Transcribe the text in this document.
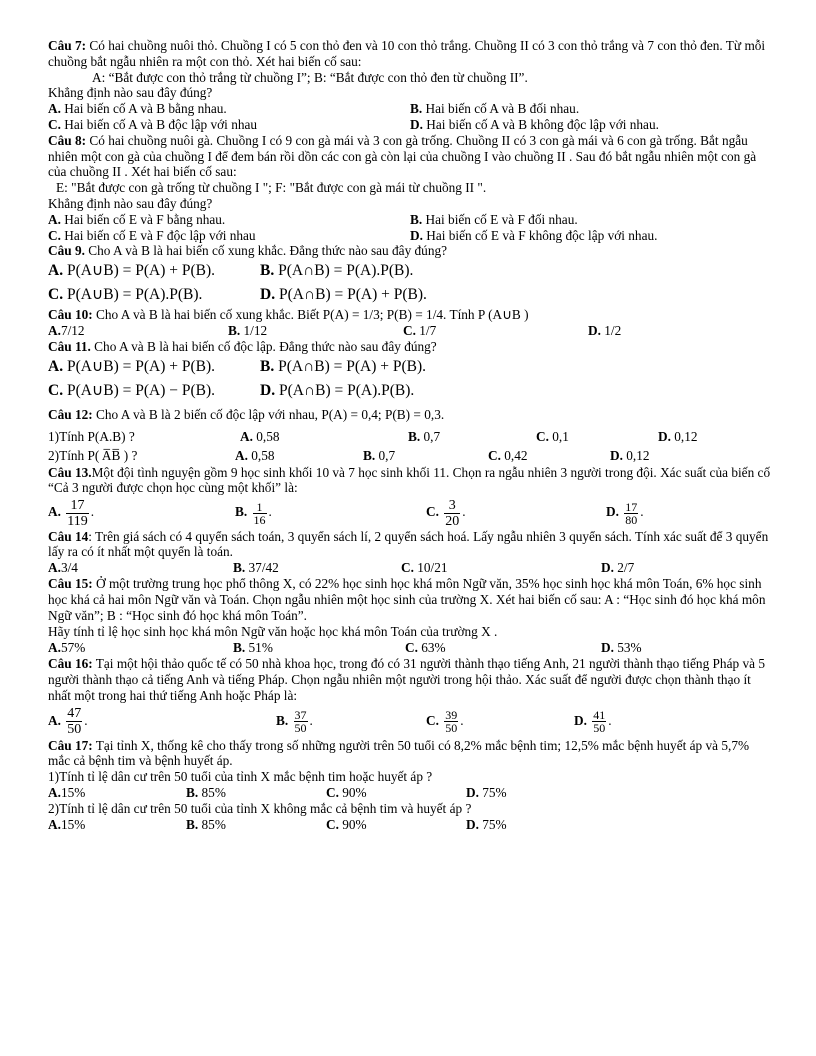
Câu 7: Có hai chuồng nuôi thỏ. Chuồng I có 5 con thỏ đen và 10 con thỏ trắng. Chuồng II có 3 con thỏ trắng và 7 con thỏ đen. Từ mỗi chuồng bắt ngẫu nhiên ra một con thỏ. Xét hai biến cố sau:

A: “Bắt được con thỏ trắng từ chuồng I”; B: “Bắt được con thỏ đen từ chuồng II”.

Khẳng định nào sau đây đúng?

A. Hai biến cố A và B bằng nhau.	B. Hai biến cố A và B đối nhau.
C. Hai biến cố A và B độc lập với nhau	D. Hai biến cố A và B không độc lập với nhau.

Câu 8: Có hai chuồng nuôi gà. Chuồng I có 9 con gà mái và 3 con gà trống. Chuồng II có 3 con gà mái và 6 con gà trống. Bắt ngẫu nhiên một con gà của chuồng I để đem bán rồi dồn các con gà còn lại của chuồng I vào chuồng II . Sau đó bắt ngẫu nhiên một con gà của chuồng II . Xét hai biến cố sau:

E: "Bắt được con gà trống từ chuồng I "; F: "Bắt được con gà mái từ chuồng II ".

Khẳng định nào sau đây đúng?

A. Hai biến cố E và F bằng nhau.	B. Hai biến cố E và F đối nhau.
C. Hai biến cố E và F độc lập với nhau	D. Hai biến cố E và F không độc lập với nhau.

Câu 9. Cho A và B là hai biến cố xung khắc. Đẳng thức nào sau đây đúng?

A. P(A∪B) = P(A) + P(B).	B. P(A∩B) = P(A).P(B).
C. P(A∪B) = P(A).P(B).	D. P(A∩B) = P(A) + P(B).

Câu 10: Cho A và B là hai biến cố xung khắc. Biết P(A) = 1/3; P(B) = 1/4. Tính P (A∪B )

A.7/12	B. 1/12	C. 1/7	D. 1/2

Câu 11. Cho A và B là hai biến cố độc lập. Đẳng thức nào sau đây đúng?

A. P(A∪B) = P(A) + P(B).	B. P(A∩B) = P(A) + P(B).
C. P(A∪B) = P(A) − P(B).	D. P(A∩B) = P(A).P(B).

Câu 12: Cho A và B là 2 biến cố độc lập với nhau, P(A) = 0,4; P(B) = 0,3.

1)Tính P(A.B) ?	A. 0,58	B. 0,7	C. 0,1	D. 0,12
2)Tính P( A̅B̅ ) ?	A. 0,58	B. 0,7	C. 0,42	D. 0,12

Câu 13.Một đội tình nguyện gồm 9 học sinh khối 10 và 7 học sinh khối 11. Chọn ra ngẫu nhiên 3 người trong đội. Xác suất của biến cố “Cả 3 người được chọn học cùng một khối” là:

A. $\frac{17}{119}$ .	B. $\frac{1}{16}$ .	C. $\frac{3}{20}$ .	D. $\frac{17}{80}$ .

Câu 14: Trên giá sách có 4 quyển sách toán, 3 quyển sách lí, 2 quyển sách hoá. Lấy ngẫu nhiên 3 quyển sách. Tính xác suất để 3 quyển lấy ra có ít nhất một quyển là toán.

A.3/4	B. 37/42	C. 10/21	D. 2/7

Câu 15: Ở một trường trung học phổ thông X, có 22% học sinh học khá môn Ngữ văn, 35% học sinh học khá môn Toán, 6% học sinh học khá cả hai môn Ngữ văn và Toán. Chọn ngẫu nhiên một học sinh của trường X. Xét hai biến cố sau: A : “Học sinh đó học khá môn Ngữ văn”; B : “Học sinh đó học khá môn Toán”.

Hãy tính tỉ lệ học sinh học khá môn Ngữ văn hoặc học khá môn Toán của trường X .

A.57%	B. 51%	C. 63%	D. 53%

Câu 16: Tại một hội thảo quốc tế có 50 nhà khoa học, trong đó có 31 người thành thạo tiếng Anh, 21 người thành thạo tiếng Pháp và 5 người thành thạo cả tiếng Anh và tiếng Pháp. Chọn ngẫu nhiên một người trong hội thảo. Xác suất để người được chọn thành thạo ít nhất một trong hai thứ tiếng Anh hoặc Pháp là:

A. $\frac{47}{50}$ .	B. $\frac{37}{50}$ .	C. $\frac{39}{50}$ .	D. $\frac{41}{50}$ .

Câu 17: Tại tỉnh X, thống kê cho thấy trong số những người trên 50 tuổi có 8,2% mắc bệnh tim; 12,5% mắc bệnh huyết áp và 5,7% mắc cả bệnh tim và bệnh huyết áp.

1)Tính tỉ lệ dân cư trên 50 tuổi của tỉnh X mắc bệnh tim hoặc huyết áp ?

A.15%	B. 85%	C. 90%	D. 75%

2)Tính tỉ lệ dân cư trên 50 tuổi của tỉnh X không mắc cả bệnh tim và huyết áp ?

A.15%	B. 85%	C. 90%	D. 75%
